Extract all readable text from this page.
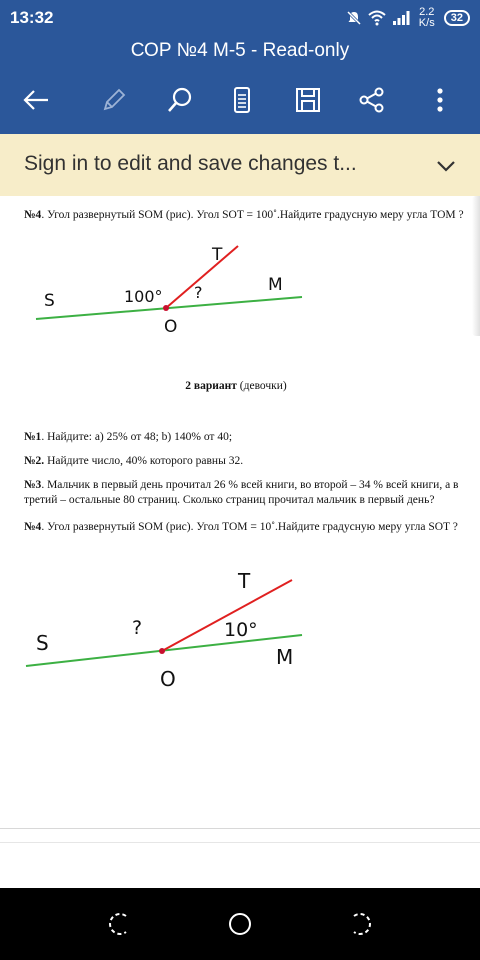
13:32	2.2
K/s	32
СОР №4 М-5 - Read-only
Sign in to edit and save changes t...
№4. Угол развернутый SOM (рис). Угол SOT = 100˚.Найдите градусную меру угла TOM ?
S
T
M
O
100° ?
2 вариант (девочки)
№1. Найдите: а) 25% от 48; b) 140% от 40;
№2. Найдите число, 40% которого равны 32.
№3. Мальчик в первый день прочитал 26 % всей книги, во второй – 34 % всей книги, а в третий – остальные 80 страниц. Сколько страниц прочитал мальчик в первый день?
№4. Угол развернутый SOM (рис). Угол TOM = 10˚.Найдите градусную меру угла SOT ?
S
T
M
O
?	10°
